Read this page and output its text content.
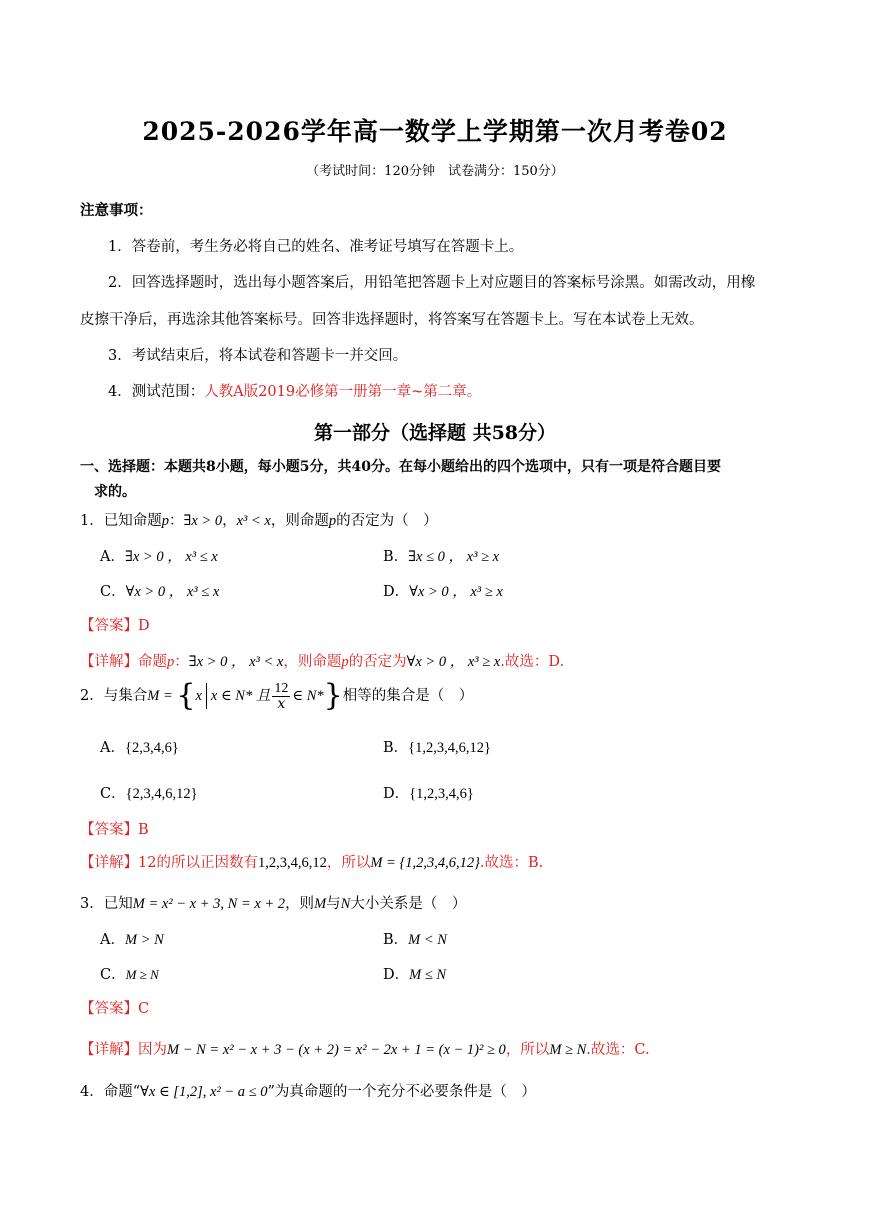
2025-2026学年高一数学上学期第一次月考卷02
（考试时间：120分钟　试卷满分：150分）
注意事项：
1．答卷前，考生务必将自己的姓名、准考证号填写在答题卡上。
2．回答选择题时，选出每小题答案后，用铅笔把答题卡上对应题目的答案标号涂黑。如需改动，用橡
皮擦干净后，再选涂其他答案标号。回答非选择题时，将答案写在答题卡上。写在本试卷上无效。
3．考试结束后，将本试卷和答题卡一并交回。
4．测试范围：人教A版2019必修第一册第一章~第二章。
第一部分（选择题 共58分）
一、选择题：本题共8小题，每小题5分，共40分。在每小题给出的四个选项中，只有一项是符合题目要
求的。
1．已知命题p：∃x > 0，x³ < x，则命题p的否定为（　）
A．∃x > 0 ， x³ ≤ x	B．∃x ≤ 0 ， x³ ≥ x
C．∀x > 0 ， x³ ≤ x	D．∀x > 0 ， x³ ≥ x
【答案】D
【详解】命题p：∃x > 0 ， x³ < x，则命题p的否定为∀x > 0 ， x³ ≥ x.故选：D.
2．与集合M = {x x ∈ N* 且 $\frac{12}{x}$ ∈ N*}相等的集合是（　）
A．{2,3,4,6}	B．{1,2,3,4,6,12}
C．{2,3,4,6,12}	D．{1,2,3,4,6}
【答案】B
【详解】12的所以正因数有1,2,3,4,6,12，所以M = {1,2,3,4,6,12}.故选：B.
3．已知M = x² − x + 3, N = x + 2，则M与N大小关系是（　）
A．M > N	B．M < N
C．M ≥ N	D．M ≤ N
【答案】C
【详解】因为M − N = x² − x + 3 − (x + 2) = x² − 2x + 1 = (x − 1)² ≥ 0，所以M ≥ N.故选：C.
4．命题“∀x ∈ [1,2], x² − a ≤ 0”为真命题的一个充分不必要条件是（　）
